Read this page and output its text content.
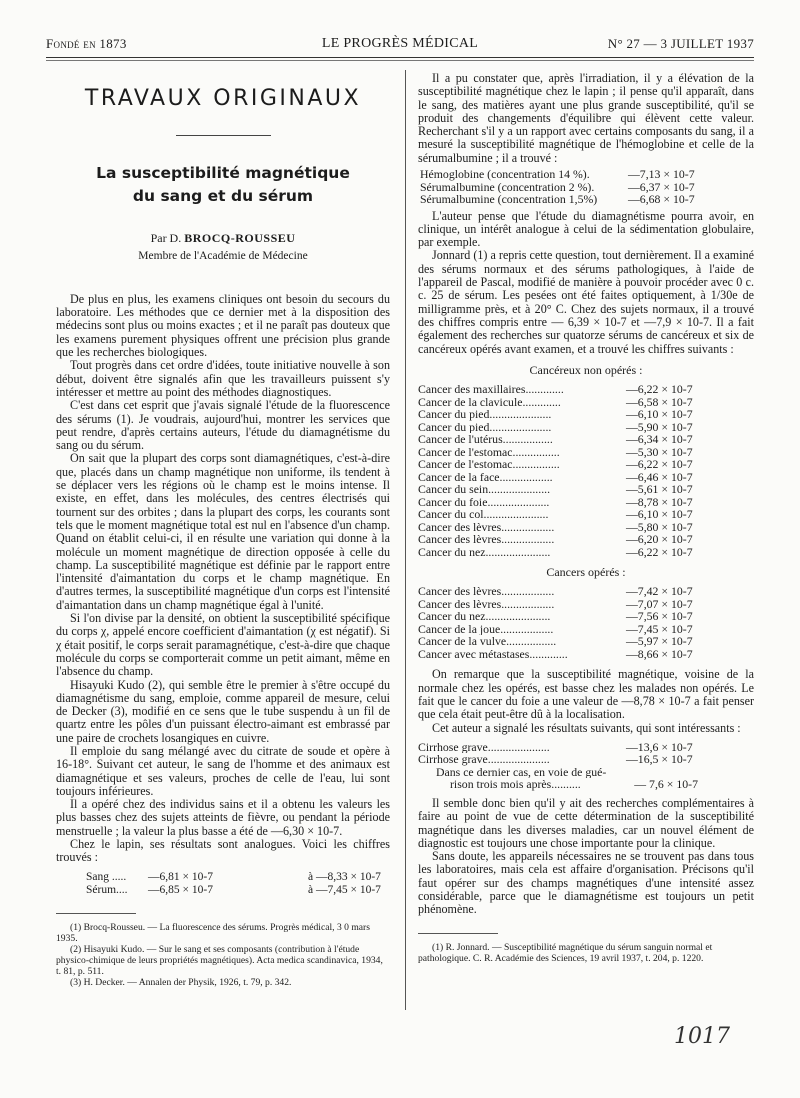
Fondé en 1873	LE PROGRÈS MÉDICAL	N° 27 — 3 JUILLET 1937
TRAVAUX ORIGINAUX
La susceptibilité magnétique
du sang et du sérum
Par D. BROCQ-ROUSSEU
Membre de l'Académie de Médecine

De plus en plus, les examens cliniques ont besoin du secours du laboratoire. Les méthodes que ce dernier met à la disposition des médecins sont plus ou moins exactes ; et il ne paraît pas douteux que les examens purement physiques offrent une précision plus grande que les recherches biologiques.

Tout progrès dans cet ordre d'idées, toute initiative nouvelle à son début, doivent être signalés afin que les travailleurs puissent s'y intéresser et mettre au point des méthodes diagnostiques.

C'est dans cet esprit que j'avais signalé l'étude de la fluorescence des sérums (1). Je voudrais, aujourd'hui, montrer les services que peut rendre, d'après certains auteurs, l'étude du diamagnétisme du sang ou du sérum.

On sait que la plupart des corps sont diamagnétiques, c'est-à-dire que, placés dans un champ magnétique non uniforme, ils tendent à se déplacer vers les régions où le champ est le moins intense. Il existe, en effet, dans les molécules, des centres électrisés qui tournent sur des orbites ; dans la plupart des corps, les courants sont tels que le moment magnétique total est nul en l'absence d'un champ. Quand on établit celui-ci, il en résulte une variation qui donne à la molécule un moment magnétique de direction opposée à celle du champ. La susceptibilité magnétique est définie par le rapport entre l'intensité d'aimantation du corps et le champ magnétique. En d'autres termes, la susceptibilité magnétique d'un corps est l'intensité d'aimantation dans un champ magnétique égal à l'unité.

Si l'on divise par la densité, on obtient la susceptibilité spécifique du corps χ, appelé encore coefficient d'aimantation (χ est négatif). Si χ était positif, le corps serait paramagnétique, c'est-à-dire que chaque molécule du corps se comporterait comme un petit aimant, même en l'absence du champ.

Hisayuki Kudo (2), qui semble être le premier à s'être occupé du diamagnétisme du sang, emploie, comme appareil de mesure, celui de Decker (3), modifié en ce sens que le tube suspendu à un fil de quartz entre les pôles d'un puissant électro-aimant est embrassé par une paire de crochets losangiques en cuivre.

Il emploie du sang mélangé avec du citrate de soude et opère à 16-18°. Suivant cet auteur, le sang de l'homme et des animaux est diamagnétique et ses valeurs, proches de celle de l'eau, lui sont toujours inférieures.

Il a opéré chez des individus sains et il a obtenu les valeurs les plus basses chez des sujets atteints de fièvre, ou pendant la période menstruelle ; la valeur la plus basse a été de —6,30 × 10-7.

Chez le lapin, ses résultats sont analogues. Voici les chiffres trouvés :

Sang .....	—6,81 × 10-7	à —8,33 × 10-7
Sérum....	—6,85 × 10-7	à —7,45 × 10-7

(1) Brocq-Rousseu. — La fluorescence des sérums. Progrès médical, 3 0 mars 1935.

(2) Hisayuki Kudo. — Sur le sang et ses composants (contribution à l'étude physico-chimique de leurs propriétés magnétiques). Acta medica scandinavica, 1934, t. 81, p. 511.

(3) H. Decker. — Annalen der Physik, 1926, t. 79, p. 342.

Il a pu constater que, après l'irradiation, il y a élévation de la susceptibilité magnétique chez le lapin ; il pense qu'il apparaît, dans le sang, des matières ayant une plus grande susceptibilité, qu'il se produit des changements d'équilibre qui élèvent cette valeur. Recherchant s'il y a un rapport avec certains composants du sang, il a mesuré la susceptibilité magnétique de l'hémoglobine et celle de la sérumalbumine ; il a trouvé :

Hémoglobine (concentration 14 %).	—7,13 × 10-7
Sérumalbumine (concentration 2 %).	—6,37 × 10-7
Sérumalbumine (concentration 1,5%)	—6,68 × 10-7

L'auteur pense que l'étude du diamagnétisme pourra avoir, en clinique, un intérêt analogue à celui de la sédimentation globulaire, par exemple.

Jonnard (1) a repris cette question, tout dernièrement. Il a examiné des sérums normaux et des sérums pathologiques, à l'aide de l'appareil de Pascal, modifié de manière à pouvoir procéder avec 0 c. c. 25 de sérum. Les pesées ont été faites optiquement, à 1/30e de milligramme près, et à 20° C. Chez des sujets normaux, il a trouvé des chiffres compris entre — 6,39 × 10-7 et —7,9 × 10-7. Il a fait également des recherches sur quatorze sérums de cancéreux et six de cancéreux opérés avant examen, et a trouvé les chiffres suivants :

Cancéreux non opérés :
Cancer des maxillaires.............	—6,22 × 10-7
Cancer de la clavicule.............	—6,58 × 10-7
Cancer du pied.....................	—6,10 × 10-7
Cancer du pied.....................	—5,90 × 10-7
Cancer de l'utérus.................	—6,34 × 10-7
Cancer de l'estomac................	—5,30 × 10-7
Cancer de l'estomac................	—6,22 × 10-7
Cancer de la face..................	—6,46 × 10-7
Cancer du sein.....................	—5,61 × 10-7
Cancer du foie.....................	—8,78 × 10-7
Cancer du col......................	—6,10 × 10-7
Cancer des lèvres..................	—5,80 × 10-7
Cancer des lèvres..................	—6,20 × 10-7
Cancer du nez......................	—6,22 × 10-7
Cancers opérés :
Cancer des lèvres..................	—7,42 × 10-7
Cancer des lèvres..................	—7,07 × 10-7
Cancer du nez......................	—7,56 × 10-7
Cancer de la joue..................	—7,45 × 10-7
Cancer de la vulve.................	—5,97 × 10-7
Cancer avec métastases.............	—8,66 × 10-7

On remarque que la susceptibilité magnétique, voisine de la normale chez les opérés, est basse chez les malades non opérés. Le fait que le cancer du foie a une valeur de —8,78 × 10-7 a fait penser que cela était peut-être dû à la localisation.

Cet auteur a signalé les résultats suivants, qui sont intéressants :

Cirrhose grave.....................	—13,6 × 10-7
Cirrhose grave.....................	—16,5 × 10-7
Dans ce dernier cas, en voie de gué-
rison trois mois après..........	— 7,6 × 10-7

Il semble donc bien qu'il y ait des recherches complémentaires à faire au point de vue de cette détermination de la susceptibilité magnétique dans les diverses maladies, car un nouvel élément de diagnostic est toujours une chose importante pour la clinique.

Sans doute, les appareils nécessaires ne se trouvent pas dans tous les laboratoires, mais cela est affaire d'organisation. Précisons qu'il faut opérer sur des champs magnétiques d'une intensité assez considérable, parce que le diamagnétisme est toujours un petit phénomène.

(1) R. Jonnard. — Susceptibilité magnétique du sérum sanguin normal et pathologique. C. R. Académie des Sciences, 19 avril 1937, t. 204, p. 1220.

1017
